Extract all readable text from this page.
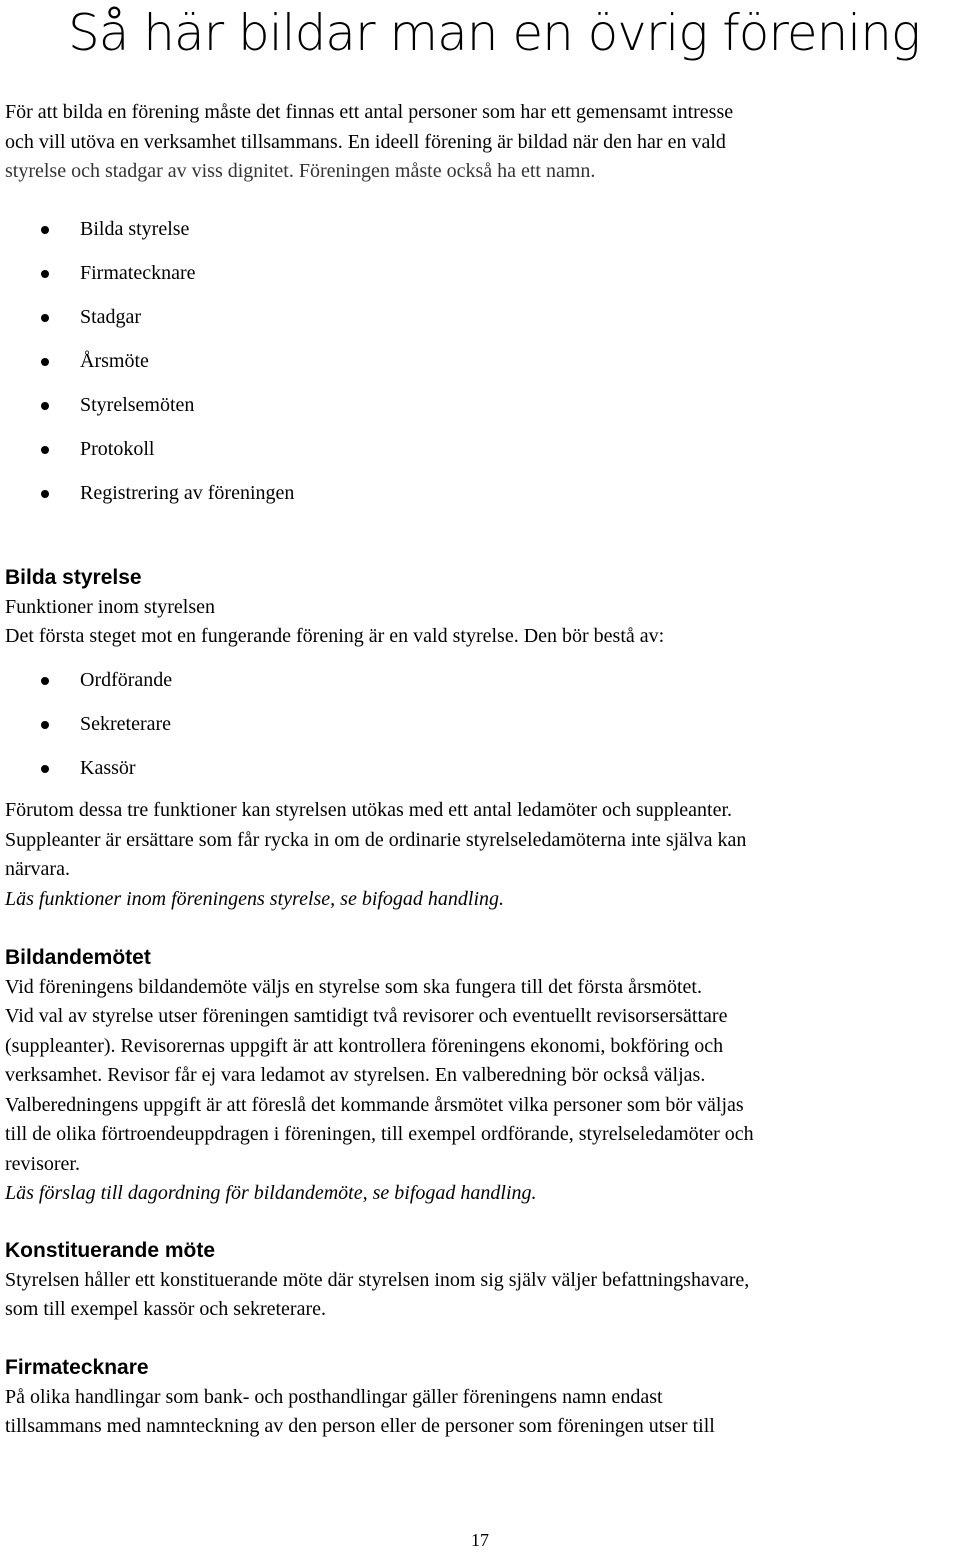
Så här bildar man en övrig förening

För att bilda en förening måste det finnas ett antal personer som har ett gemensamt intresse

och vill utöva en verksamhet tillsammans. En ideell förening är bildad när den har en vald

styrelse och stadgar av viss dignitet. Föreningen måste också ha ett namn.

Bilda styrelse
Firmatecknare
Stadgar
Årsmöte
Styrelsemöten
Protokoll
Registrering av föreningen
Bilda styrelse

Funktioner inom styrelsen

Det första steget mot en fungerande förening är en vald styrelse. Den bör bestå av:

Ordförande
Sekreterare
Kassör

Förutom dessa tre funktioner kan styrelsen utökas med ett antal ledamöter och suppleanter.

Suppleanter är ersättare som får rycka in om de ordinarie styrelseledamöterna inte själva kan

närvara.

Läs funktioner inom föreningens styrelse, se bifogad handling.

Bildandemötet

Vid föreningens bildandemöte väljs en styrelse som ska fungera till det första årsmötet.

Vid val av styrelse utser föreningen samtidigt två revisorer och eventuellt revisorsersättare

(suppleanter). Revisorernas uppgift är att kontrollera föreningens ekonomi, bokföring och

verksamhet. Revisor får ej vara ledamot av styrelsen. En valberedning bör också väljas.

Valberedningens uppgift är att föreslå det kommande årsmötet vilka personer som bör väljas

till de olika förtroendeuppdragen i föreningen, till exempel ordförande, styrelseledamöter och

revisorer.

Läs förslag till dagordning för bildandemöte, se bifogad handling.

Konstituerande möte

Styrelsen håller ett konstituerande möte där styrelsen inom sig själv väljer befattningshavare,

som till exempel kassör och sekreterare.

Firmatecknare

På olika handlingar som bank- och posthandlingar gäller föreningens namn endast

tillsammans med namnteckning av den person eller de personer som föreningen utser till

17
